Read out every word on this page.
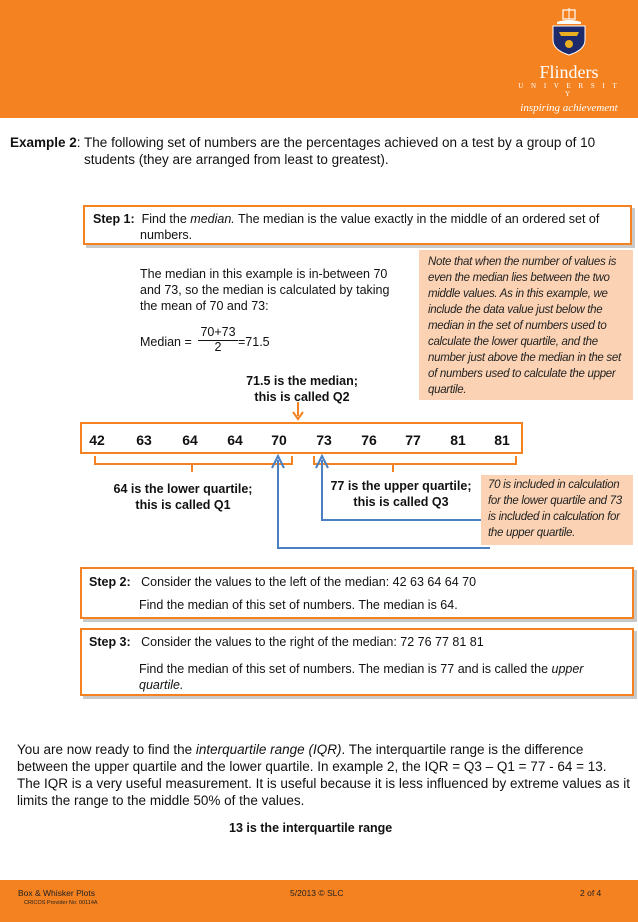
Flinders
U N I V E R S I T Y
inspiring achievement
Example 2: The following set of numbers are the percentages achieved on a test by a group of 10
students (they are arranged from least to greatest).
Step 1: Find the median. The median is the value exactly in the middle of an ordered set of
numbers.
The median in this example is in-between 70
and 73, so the median is calculated by taking
the mean of 70 and 73:
Median = $\frac{70+73}{2} =71.5$
Note that when the number of values is
even the median lies between the two
middle values. As in this example, we
include the data value just below the
median in the set of numbers used to
calculate the lower quartile, and the
number just above the median in the set
of numbers used to calculate the upper
quartile.
71.5 is the median;
this is called Q2
42	63	64	64	70	73	76	77	81	81
64 is the lower quartile;
this is called Q1
77 is the upper quartile;
this is called Q3
70 is included in calculation
for the lower quartile and 73
is included in calculation for
the upper quartile.
Step 2: Consider the values to the left of the median: 42 63 64 64 70
Find the median of this set of numbers. The median is 64.
Step 3: Consider the values to the right of the median: 72 76 77 81 81
Find the median of this set of numbers. The median is 77 and is called the upper
quartile.
You are now ready to find the interquartile range (IQR). The interquartile range is the difference
between the upper quartile and the lower quartile. In example 2, the IQR = Q3 – Q1 = 77 - 64 = 13.
The IQR is a very useful measurement. It is useful because it is less influenced by extreme values as it
limits the range to the middle 50% of the values.
13 is the interquartile range
Box & Whisker Plots
CRICOS Provider No: 00114A
5/2013 © SLC	2 of 4
